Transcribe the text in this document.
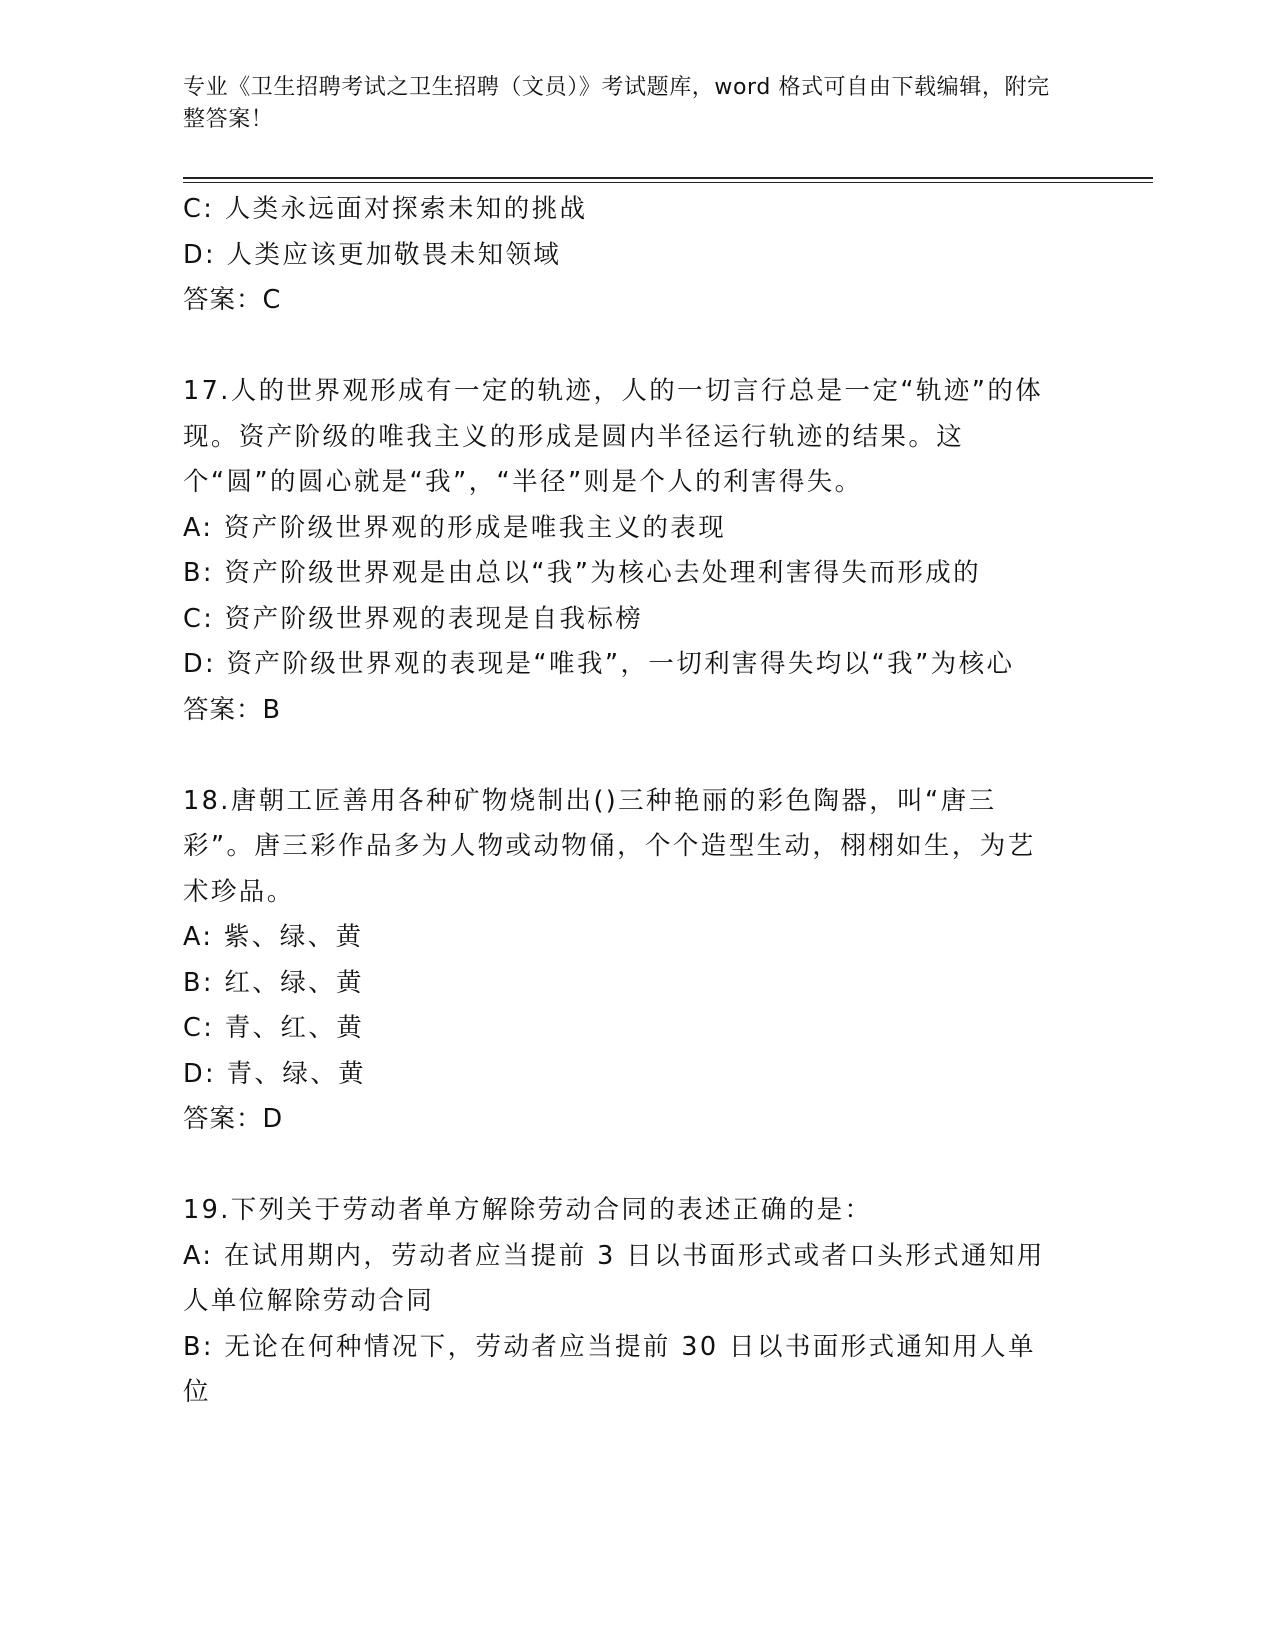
专业《卫生招聘考试之卫生招聘（文员）》考试题库，word 格式可自由下载编辑，附完整答案！

C: 人类永远面对探索未知的挑战

D: 人类应该更加敬畏未知领域

答案：C

17.人的世界观形成有一定的轨迹，人的一切言行总是一定“轨迹”的体现。资产阶级的唯我主义的形成是圆内半径运行轨迹的结果。这个“圆”的圆心就是“我”，“半径”则是个人的利害得失。

A: 资产阶级世界观的形成是唯我主义的表现

B: 资产阶级世界观是由总以“我”为核心去处理利害得失而形成的

C: 资产阶级世界观的表现是自我标榜

D: 资产阶级世界观的表现是“唯我”，一切利害得失均以“我”为核心

答案：B

18.唐朝工匠善用各种矿物烧制出()三种艳丽的彩色陶器，叫“唐三彩”。唐三彩作品多为人物或动物俑，个个造型生动，栩栩如生，为艺术珍品。

A: 紫、绿、黄

B: 红、绿、黄

C: 青、红、黄

D: 青、绿、黄

答案：D

19.下列关于劳动者单方解除劳动合同的表述正确的是：

A: 在试用期内，劳动者应当提前 3 日以书面形式或者口头形式通知用人单位解除劳动合同

B: 无论在何种情况下，劳动者应当提前 30 日以书面形式通知用人单位
